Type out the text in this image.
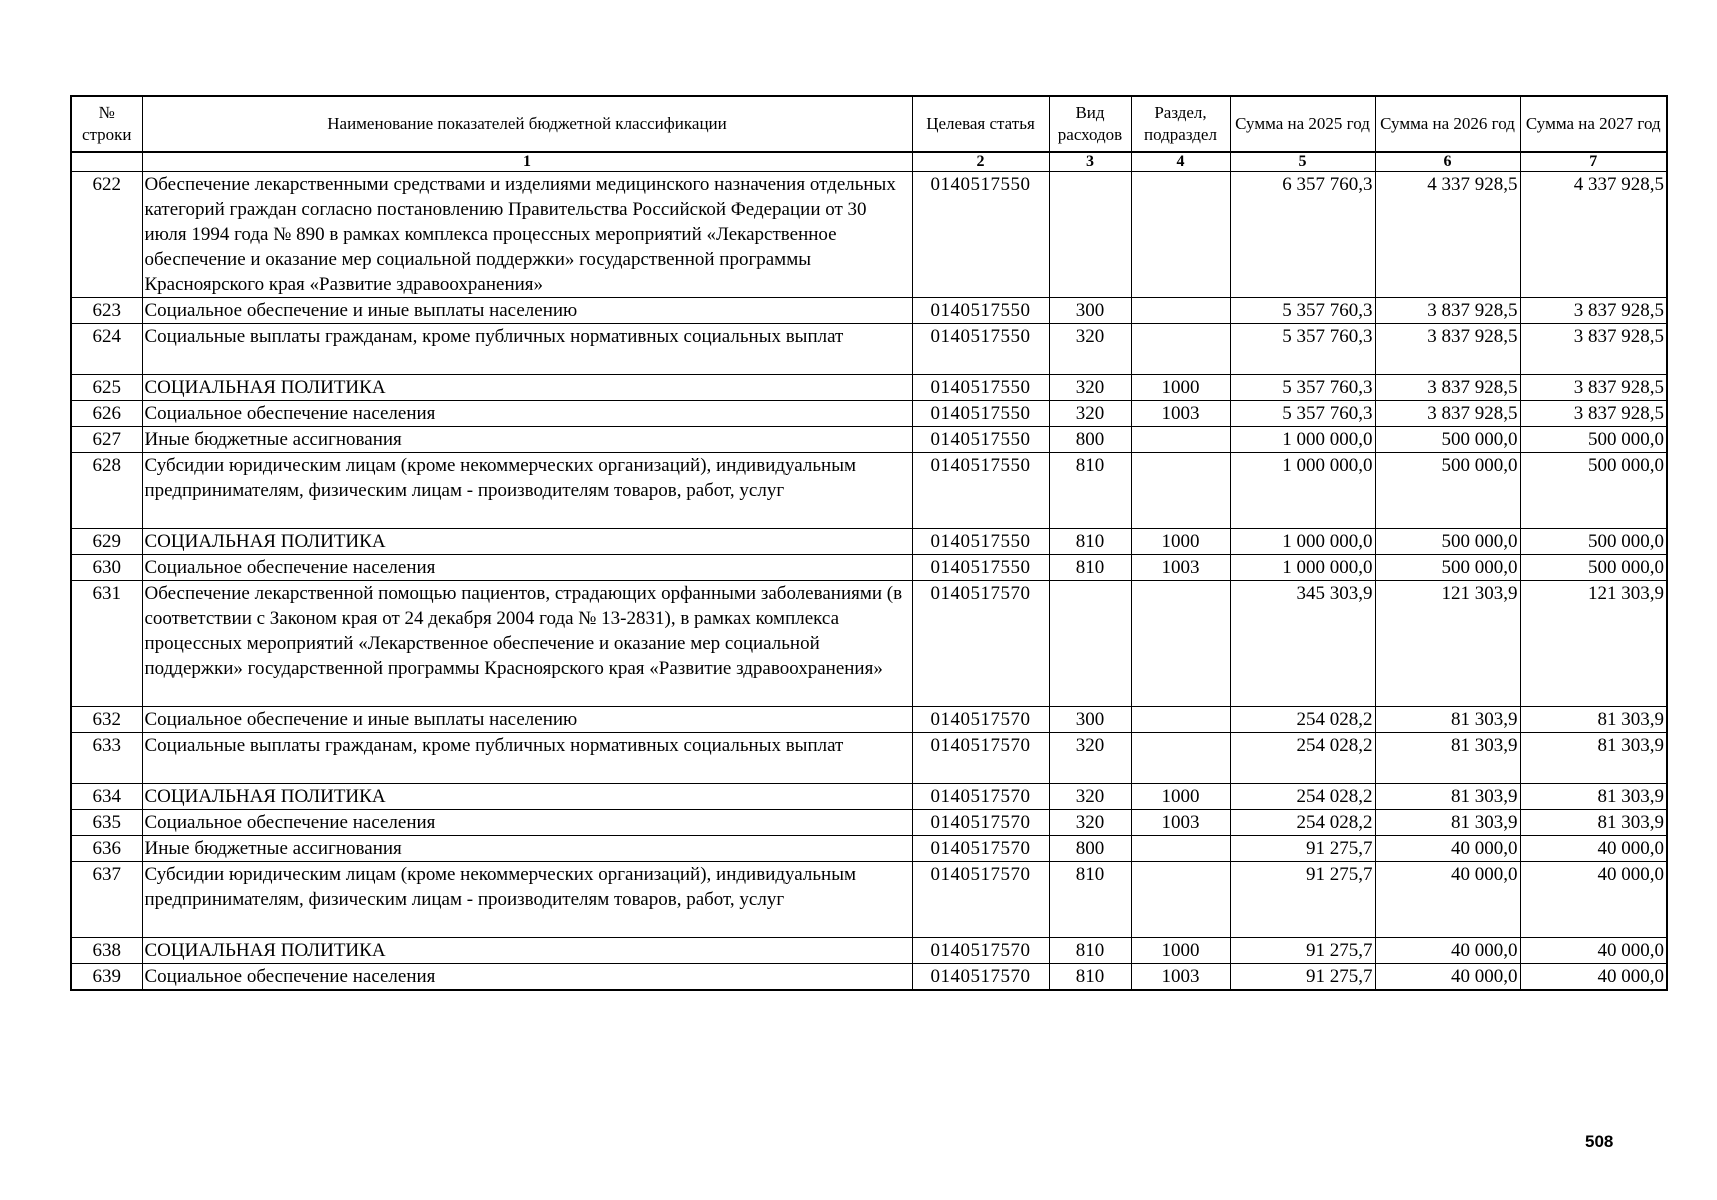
№ строки	Наименование показателей бюджетной классификации	Целевая статья	Вид расходов	Раздел, подраздел	Сумма на 2025 год	Сумма на 2026 год	Сумма на 2027 год
	1	2	3	4	5	6	7
622	Обеспечение лекарственными средствами и изделиями медицинского назначения отдельных категорий граждан согласно постановлению Правительства Российской Федерации от 30 июля 1994 года № 890 в рамках комплекса процессных мероприятий «Лекарственное обеспечение и оказание мер социальной поддержки» государственной программы Красноярского края «Развитие здравоохранения»	0140517550			6 357 760,3	4 337 928,5	4 337 928,5
623	Социальное обеспечение и иные выплаты населению	0140517550	300		5 357 760,3	3 837 928,5	3 837 928,5
624	Социальные выплаты гражданам, кроме публичных нормативных социальных выплат	0140517550	320		5 357 760,3	3 837 928,5	3 837 928,5
625	СОЦИАЛЬНАЯ ПОЛИТИКА	0140517550	320	1000	5 357 760,3	3 837 928,5	3 837 928,5
626	Социальное обеспечение населения	0140517550	320	1003	5 357 760,3	3 837 928,5	3 837 928,5
627	Иные бюджетные ассигнования	0140517550	800		1 000 000,0	500 000,0	500 000,0
628	Субсидии юридическим лицам (кроме некоммерческих организаций), индивидуальным предпринимателям, физическим лицам - производителям товаров, работ, услуг	0140517550	810		1 000 000,0	500 000,0	500 000,0
629	СОЦИАЛЬНАЯ ПОЛИТИКА	0140517550	810	1000	1 000 000,0	500 000,0	500 000,0
630	Социальное обеспечение населения	0140517550	810	1003	1 000 000,0	500 000,0	500 000,0
631	Обеспечение лекарственной помощью пациентов, страдающих орфанными заболеваниями (в соответствии с Законом края от 24 декабря 2004 года № 13-2831), в рамках комплекса процессных мероприятий «Лекарственное обеспечение и оказание мер социальной поддержки» государственной программы Красноярского края «Развитие здравоохранения»	0140517570			345 303,9	121 303,9	121 303,9
632	Социальное обеспечение и иные выплаты населению	0140517570	300		254 028,2	81 303,9	81 303,9
633	Социальные выплаты гражданам, кроме публичных нормативных социальных выплат	0140517570	320		254 028,2	81 303,9	81 303,9
634	СОЦИАЛЬНАЯ ПОЛИТИКА	0140517570	320	1000	254 028,2	81 303,9	81 303,9
635	Социальное обеспечение населения	0140517570	320	1003	254 028,2	81 303,9	81 303,9
636	Иные бюджетные ассигнования	0140517570	800		91 275,7	40 000,0	40 000,0
637	Субсидии юридическим лицам (кроме некоммерческих организаций), индивидуальным предпринимателям, физическим лицам - производителям товаров, работ, услуг	0140517570	810		91 275,7	40 000,0	40 000,0
638	СОЦИАЛЬНАЯ ПОЛИТИКА	0140517570	810	1000	91 275,7	40 000,0	40 000,0
639	Социальное обеспечение населения	0140517570	810	1003	91 275,7	40 000,0	40 000,0
508
